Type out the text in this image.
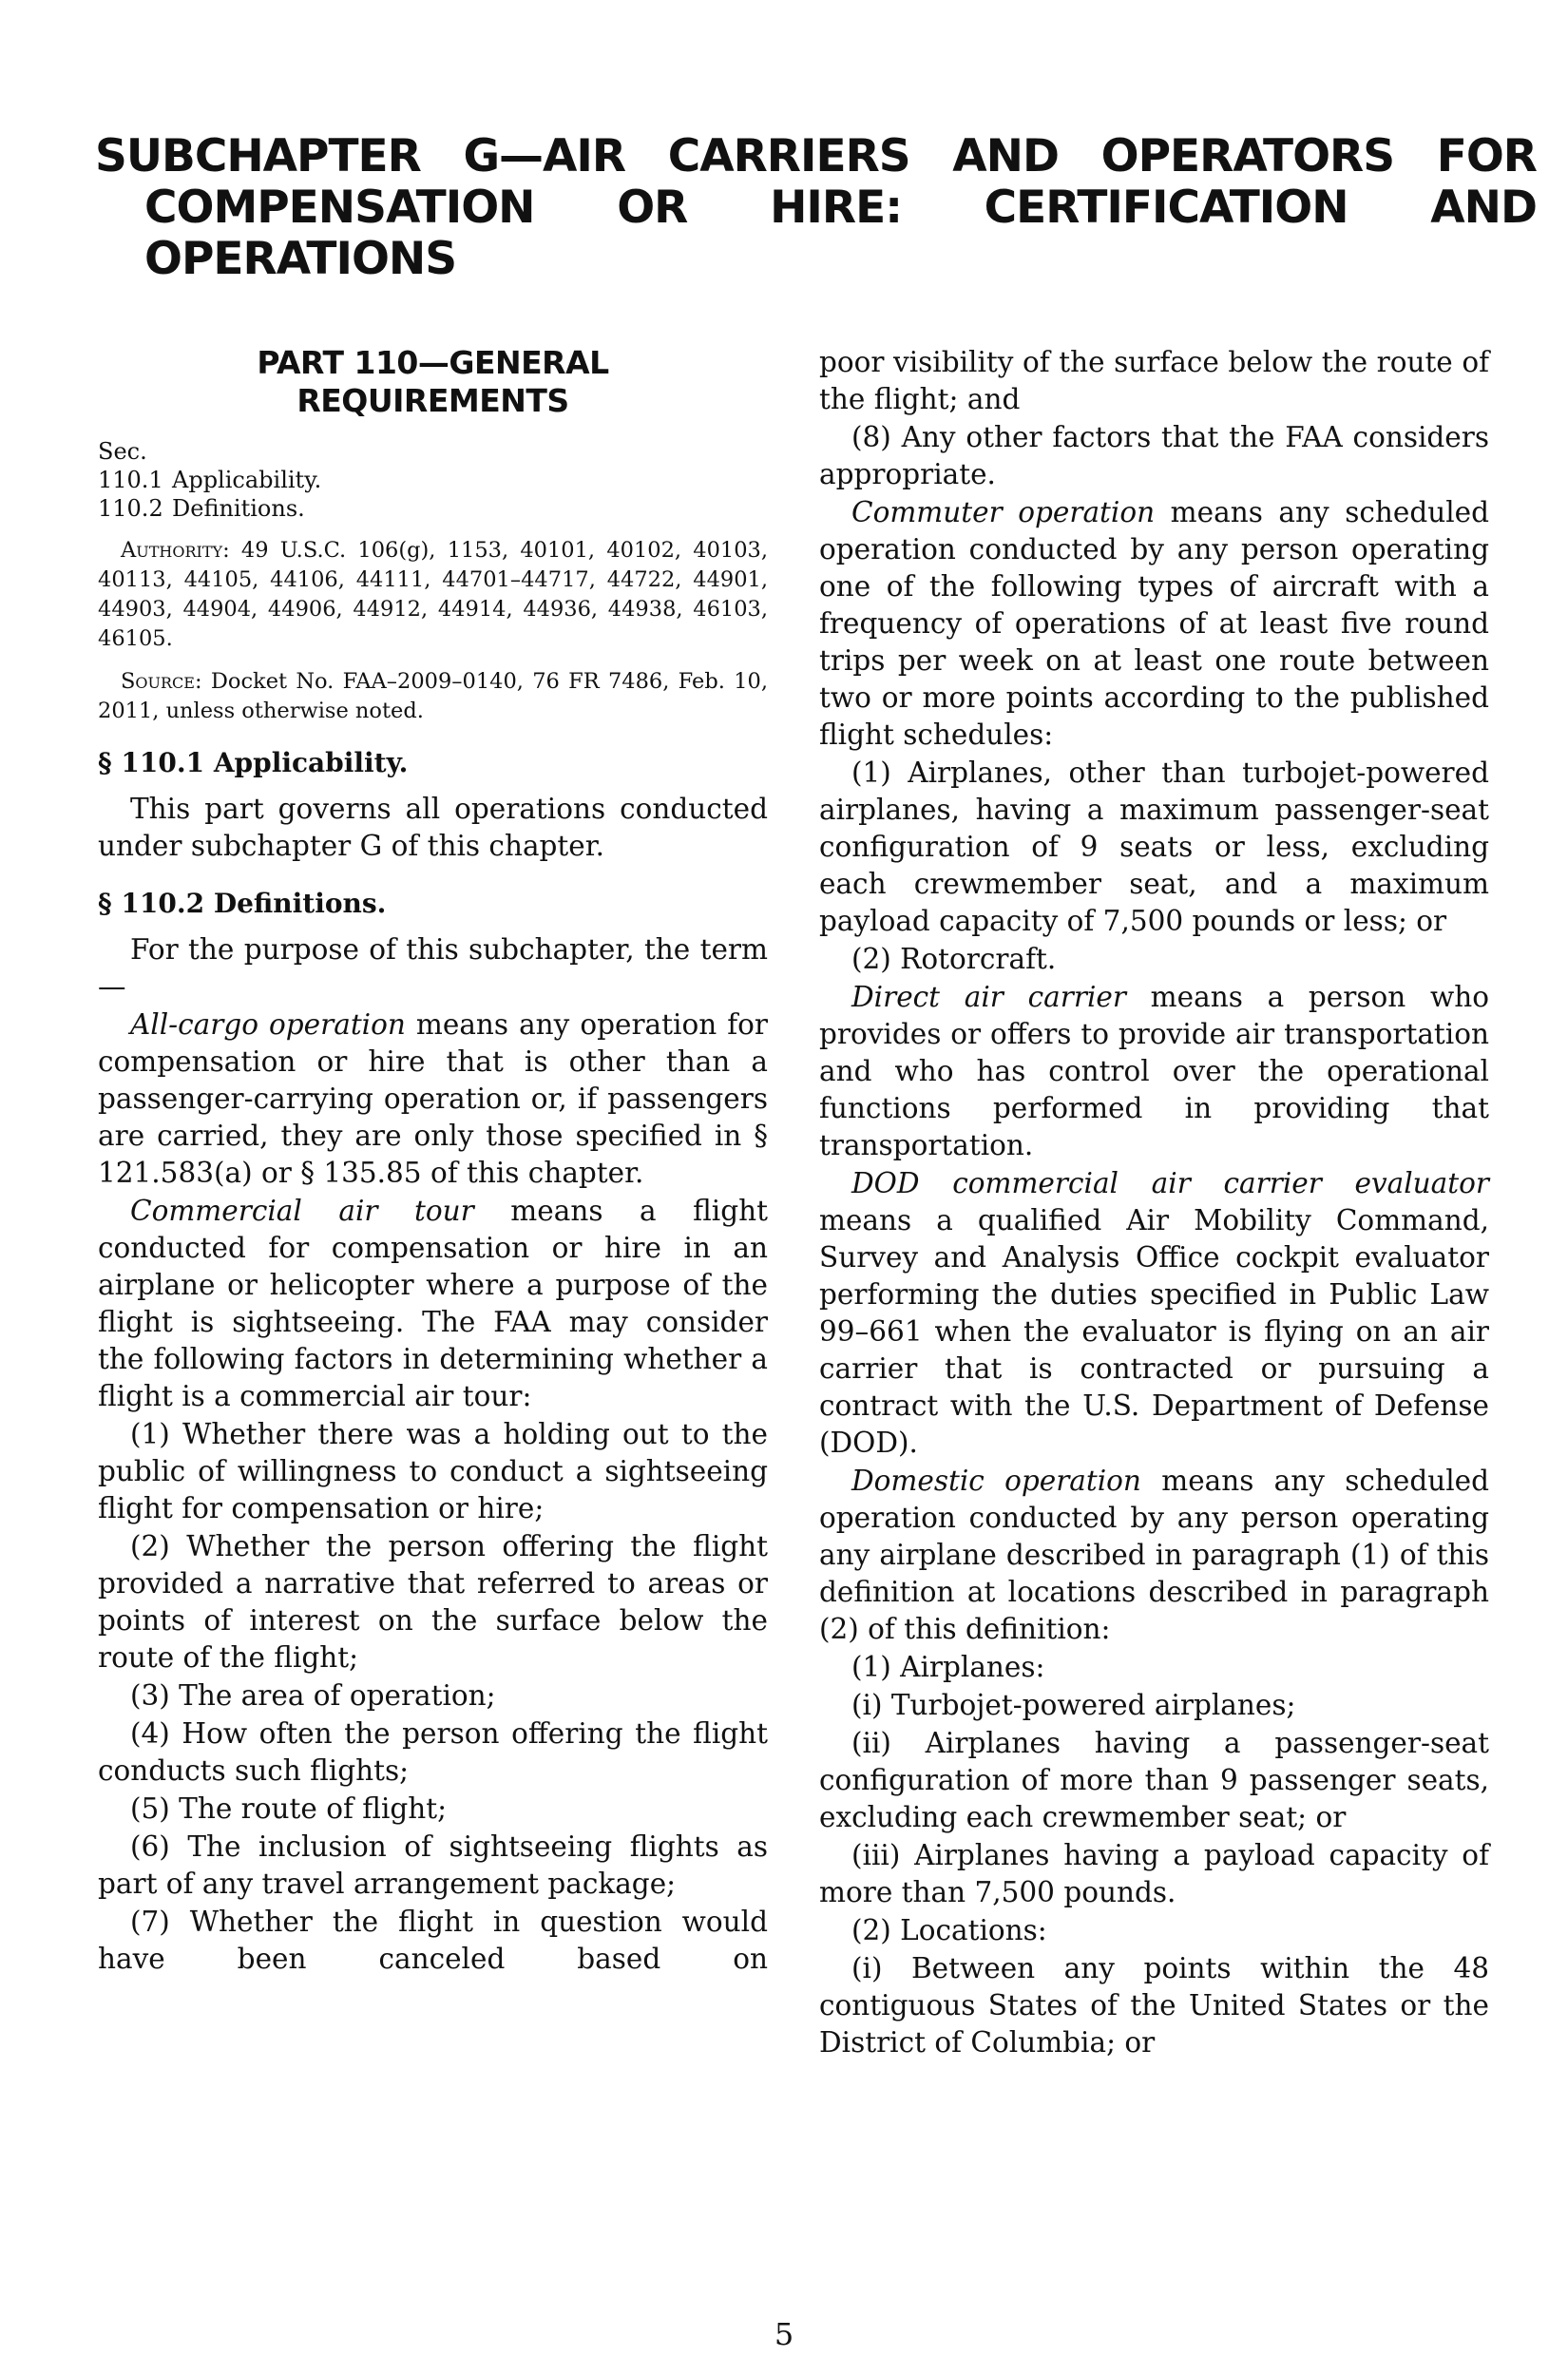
SUBCHAPTER G—AIR CARRIERS AND OPERATORS FOR COMPENSATION OR HIRE: CERTIFICATION AND OPERATIONS
PART 110—GENERAL REQUIREMENTS

Sec.

110.1 Applicability.

110.2 Definitions.

Authority: 49 U.S.C. 106(g), 1153, 40101, 40102, 40103, 40113, 44105, 44106, 44111, 44701–44717, 44722, 44901, 44903, 44904, 44906, 44912, 44914, 44936, 44938, 46103, 46105.

Source: Docket No. FAA–2009–0140, 76 FR 7486, Feb. 10, 2011, unless otherwise noted.

§ 110.1 Applicability.

This part governs all operations conducted under subchapter G of this chapter.

§ 110.2 Definitions.

For the purpose of this subchapter, the term—

All-cargo operation means any operation for compensation or hire that is other than a passenger-carrying operation or, if passengers are carried, they are only those specified in § 121.583(a) or § 135.85 of this chapter.

Commercial air tour means a flight conducted for compensation or hire in an airplane or helicopter where a purpose of the flight is sightseeing. The FAA may consider the following factors in determining whether a flight is a commercial air tour:

(1) Whether there was a holding out to the public of willingness to conduct a sightseeing flight for compensation or hire;

(2) Whether the person offering the flight provided a narrative that referred to areas or points of interest on the surface below the route of the flight;

(3) The area of operation;

(4) How often the person offering the flight conducts such flights;

(5) The route of flight;

(6) The inclusion of sightseeing flights as part of any travel arrangement package;

(7) Whether the flight in question would have been canceled based on

poor visibility of the surface below the route of the flight; and

(8) Any other factors that the FAA considers appropriate.

Commuter operation means any scheduled operation conducted by any person operating one of the following types of aircraft with a frequency of operations of at least five round trips per week on at least one route between two or more points according to the published flight schedules:

(1) Airplanes, other than turbojet-powered airplanes, having a maximum passenger-seat configuration of 9 seats or less, excluding each crewmember seat, and a maximum payload capacity of 7,500 pounds or less; or

(2) Rotorcraft.

Direct air carrier means a person who provides or offers to provide air transportation and who has control over the operational functions performed in providing that transportation.

DOD commercial air carrier evaluator means a qualified Air Mobility Command, Survey and Analysis Office cockpit evaluator performing the duties specified in Public Law 99–661 when the evaluator is flying on an air carrier that is contracted or pursuing a contract with the U.S. Department of Defense (DOD).

Domestic operation means any scheduled operation conducted by any person operating any airplane described in paragraph (1) of this definition at locations described in paragraph (2) of this definition:

(1) Airplanes:

(i) Turbojet-powered airplanes;

(ii) Airplanes having a passenger-seat configuration of more than 9 passenger seats, excluding each crewmember seat; or

(iii) Airplanes having a payload capacity of more than 7,500 pounds.

(2) Locations:

(i) Between any points within the 48 contiguous States of the United States or the District of Columbia; or

5
